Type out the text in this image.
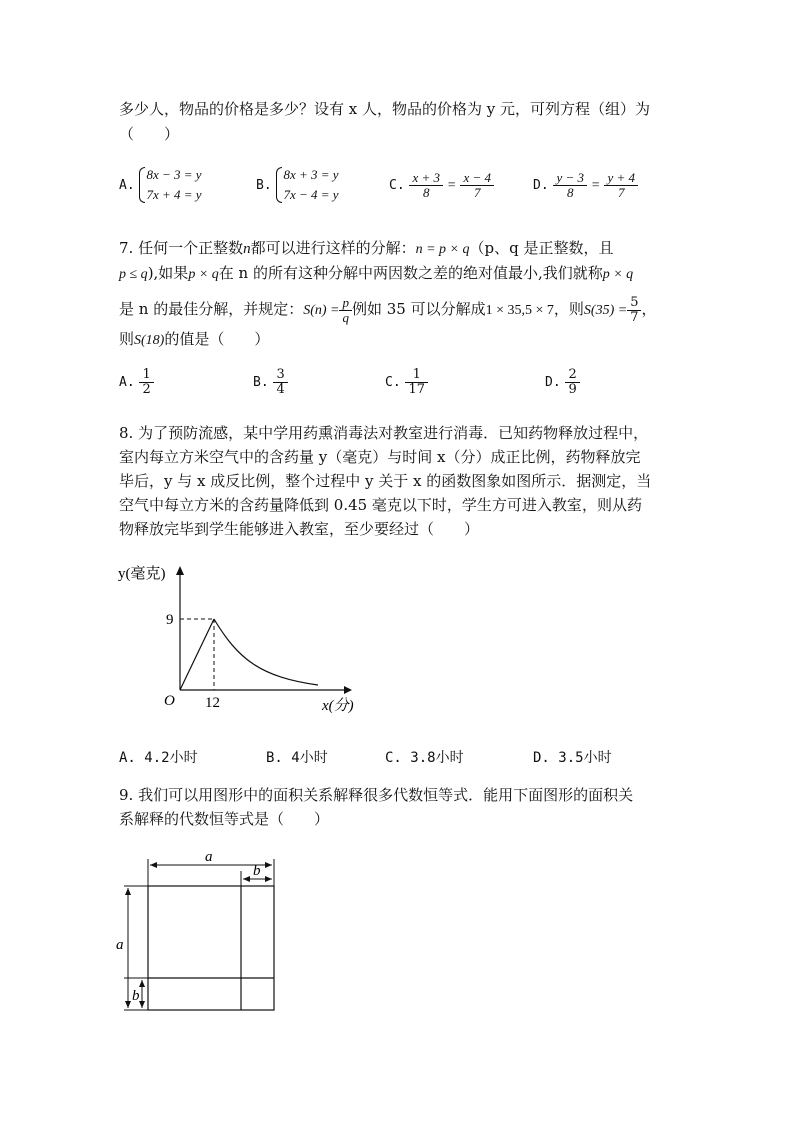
多少人，物品的价格是多少？设有 x 人，物品的价格为 y 元，可列方程（组）为
（　　）
A.
8x − 3 = y
7x + 4 = y
B.
8x + 3 = y
7x − 4 = y
C. $\frac{x + 3}{8} = \frac{x - 4}{7}$	D. $\frac{y - 3}{8} = \frac{y + 4}{7}$
7. 任何一个正整数n都可以进行这样的分解：n = p × q（p、q 是正整数，且
p ≤ q),如果p × q在 n 的所有这种分解中两因数之差的绝对值最小,我们就称p × q
是 n 的最佳分解，并规定：$S(n) = \frac{p}{q}$ 例如 35 可以分解成1 × 35,5 × 7，则$S(35) = \frac{5}{7}$ ，
则S(18)的值是（　　）
A. $\frac{1}{2}$	B. $\frac{3}{4}$	C. $\frac{1}{17}$	D. $\frac{2}{9}$
8. 为了预防流感，某中学用药熏消毒法对教室进行消毒．已知药物释放过程中，
室内每立方米空气中的含药量 y（毫克）与时间 x（分）成正比例，药物释放完
毕后，y 与 x 成反比例，整个过程中 y 关于 x 的函数图象如图所示．据测定，当
空气中每立方米的含药量降低到 0.45 毫克以下时，学生方可进入教室，则从药
物释放完毕到学生能够进入教室，至少要经过（　　）
y(毫克)
x(分)
O
9
12
A. 4.2小时	B. 4小时	C. 3.8小时	D. 3.5小时
9. 我们可以用图形中的面积关系解释很多代数恒等式．能用下面图形的面积关
系解释的代数恒等式是（　　）
a
b
a
b
